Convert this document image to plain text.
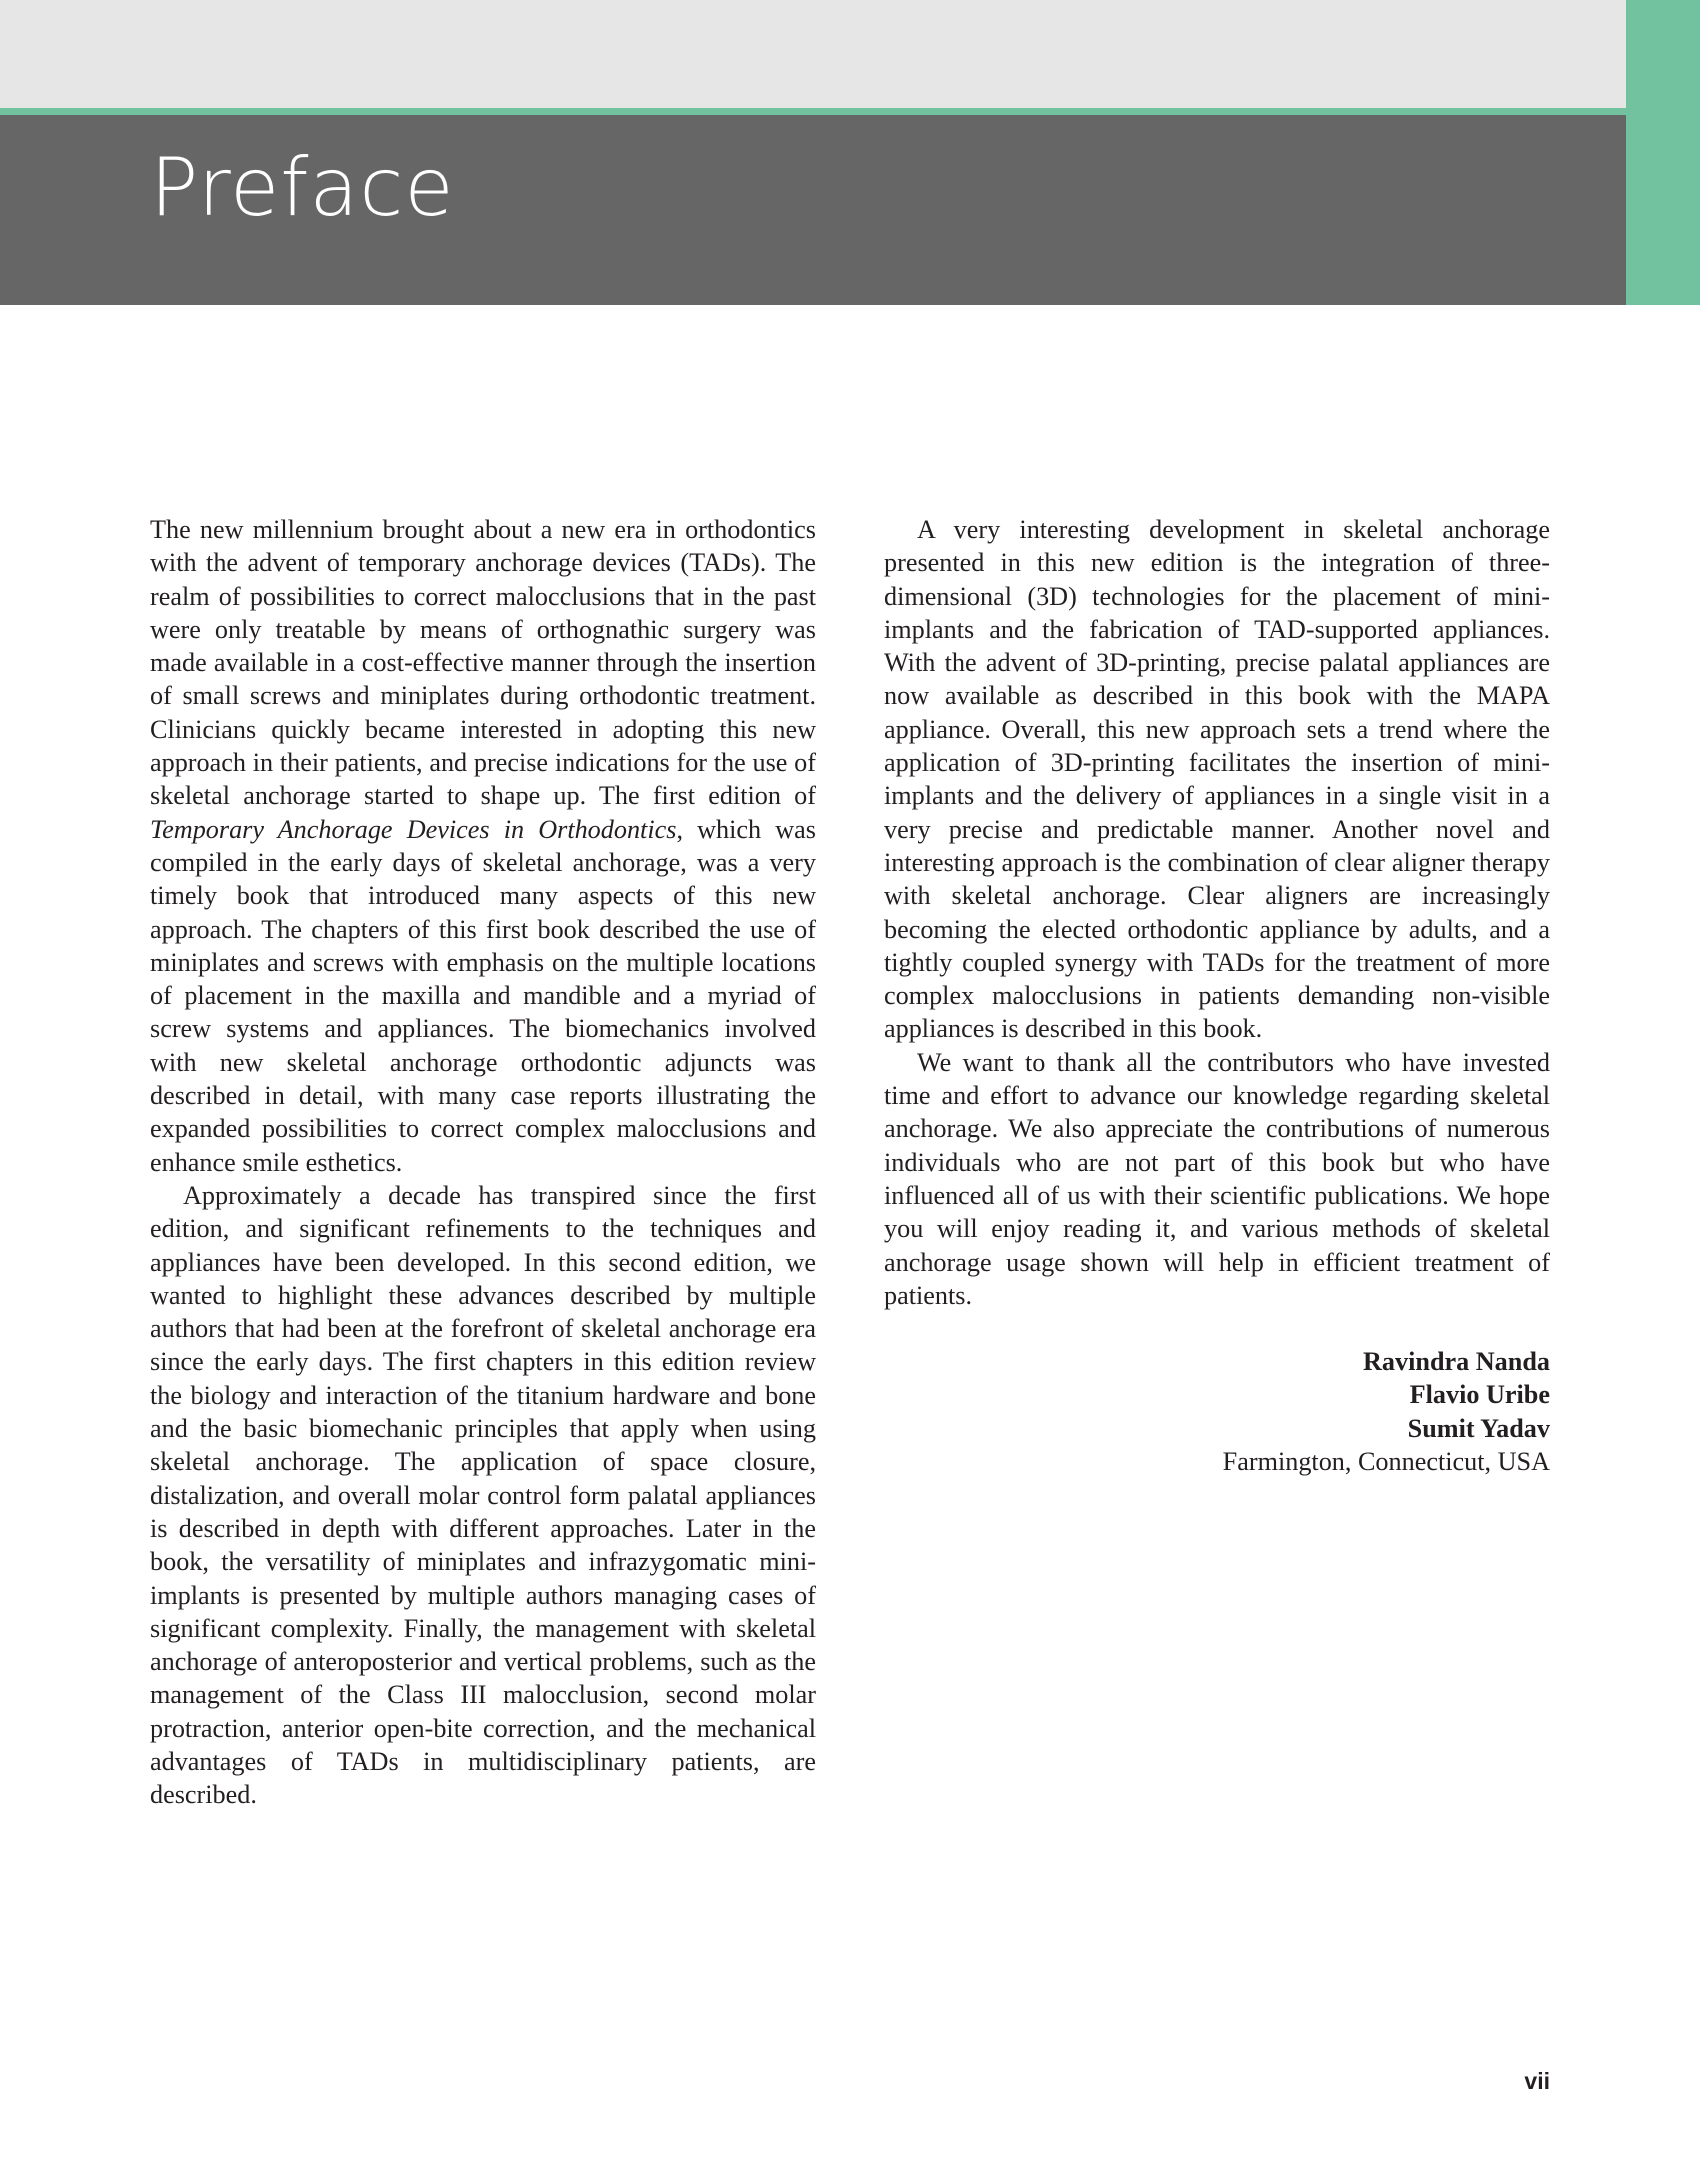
Preface

The new millennium brought about a new era in orthodontics with the advent of temporary anchorage devices (TADs). The realm of possibilities to correct malocclusions that in the past were only treatable by means of orthognathic surgery was made available in a cost-effective manner through the insertion of small screws and miniplates during orthodontic treatment. Clinicians quickly became interested in adopting this new approach in their patients, and precise indications for the use of skeletal anchorage started to shape up. The first edition of Temporary Anchorage Devices in Orthodontics, which was compiled in the early days of skeletal anchorage, was a very timely book that introduced many aspects of this new approach. The chapters of this first book described the use of miniplates and screws with emphasis on the multiple locations of placement in the maxilla and mandible and a myriad of screw systems and appliances. The biomechanics involved with new skeletal anchorage orthodontic adjuncts was described in detail, with many case reports illustrating the expanded possibilities to correct complex malocclusions and enhance smile esthetics.

Approximately a decade has transpired since the first edition, and significant refinements to the techniques and appliances have been developed. In this second edition, we wanted to highlight these advances described by multiple authors that had been at the forefront of skeletal anchorage era since the early days. The first chapters in this edition review the biology and interaction of the titanium hardware and bone and the basic biomechanic principles that apply when using skeletal anchorage. The application of space closure, distalization, and overall molar control form palatal appliances is described in depth with different approaches. Later in the book, the versatility of miniplates and infrazygomatic mini-implants is presented by multiple authors managing cases of significant complexity. Finally, the management with skeletal anchorage of anteroposterior and vertical problems, such as the management of the Class III malocclusion, second molar protraction, anterior open-bite correction, and the mechanical advantages of TADs in multidisciplinary patients, are described.

A very interesting development in skeletal anchorage presented in this new edition is the integration of three-dimensional (3D) technologies for the placement of mini-implants and the fabrication of TAD-supported appliances. With the advent of 3D-printing, precise palatal appliances are now available as described in this book with the MAPA appliance. Overall, this new approach sets a trend where the application of 3D-printing facilitates the insertion of mini-implants and the delivery of appliances in a single visit in a very precise and predictable manner. Another novel and interesting approach is the combination of clear aligner therapy with skeletal anchorage. Clear aligners are increasingly becoming the elected orthodontic appliance by adults, and a tightly coupled synergy with TADs for the treatment of more complex malocclusions in patients demanding non-visible appliances is described in this book.

We want to thank all the contributors who have invested time and effort to advance our knowledge regarding skeletal anchorage. We also appreciate the contributions of numerous individuals who are not part of this book but who have influenced all of us with their scientific publications. We hope you will enjoy reading it, and various methods of skeletal anchorage usage shown will help in efficient treatment of patients.

Ravindra Nanda
Flavio Uribe
Sumit Yadav
Farmington, Connecticut, USA
vii
